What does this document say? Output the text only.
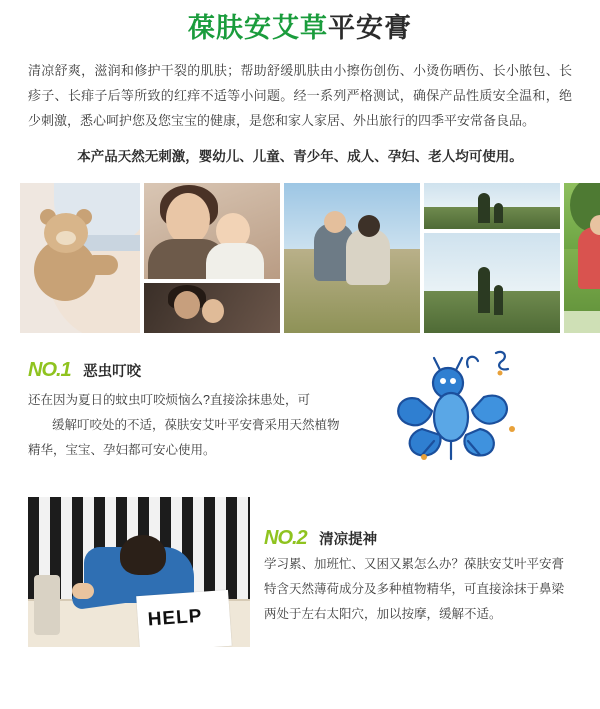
葆肤安艾草平安膏
清凉舒爽，滋润和修护干裂的肌肤；帮助舒缓肌肤由小擦伤创伤、小烫伤晒伤、长小脓包、长疹子、长痱子后等所致的红痒不适等小问题。经一系列严格测试，确保产品性质安全温和，绝少刺激，悉心呵护您及您宝宝的健康，是您和家人家居、外出旅行的四季平安常备良品。
本产品天然无刺激，婴幼儿、儿童、青少年、成人、孕妇、老人均可使用。
NO.1 恶虫叮咬
还在因为夏日的蚊虫叮咬烦恼么?直接涂抹患处，可
缓解叮咬处的不适，葆肤安艾叶平安膏采用天然植物
精华，宝宝、孕妇都可安心使用。
HELP
NO.2 清凉提神
学习累、加班忙、又困又累怎么办？葆肤安艾叶平安膏
特含天然薄荷成分及多种植物精华，可直接涂抹于鼻梁
两处于左右太阳穴，加以按摩，缓解不适。
